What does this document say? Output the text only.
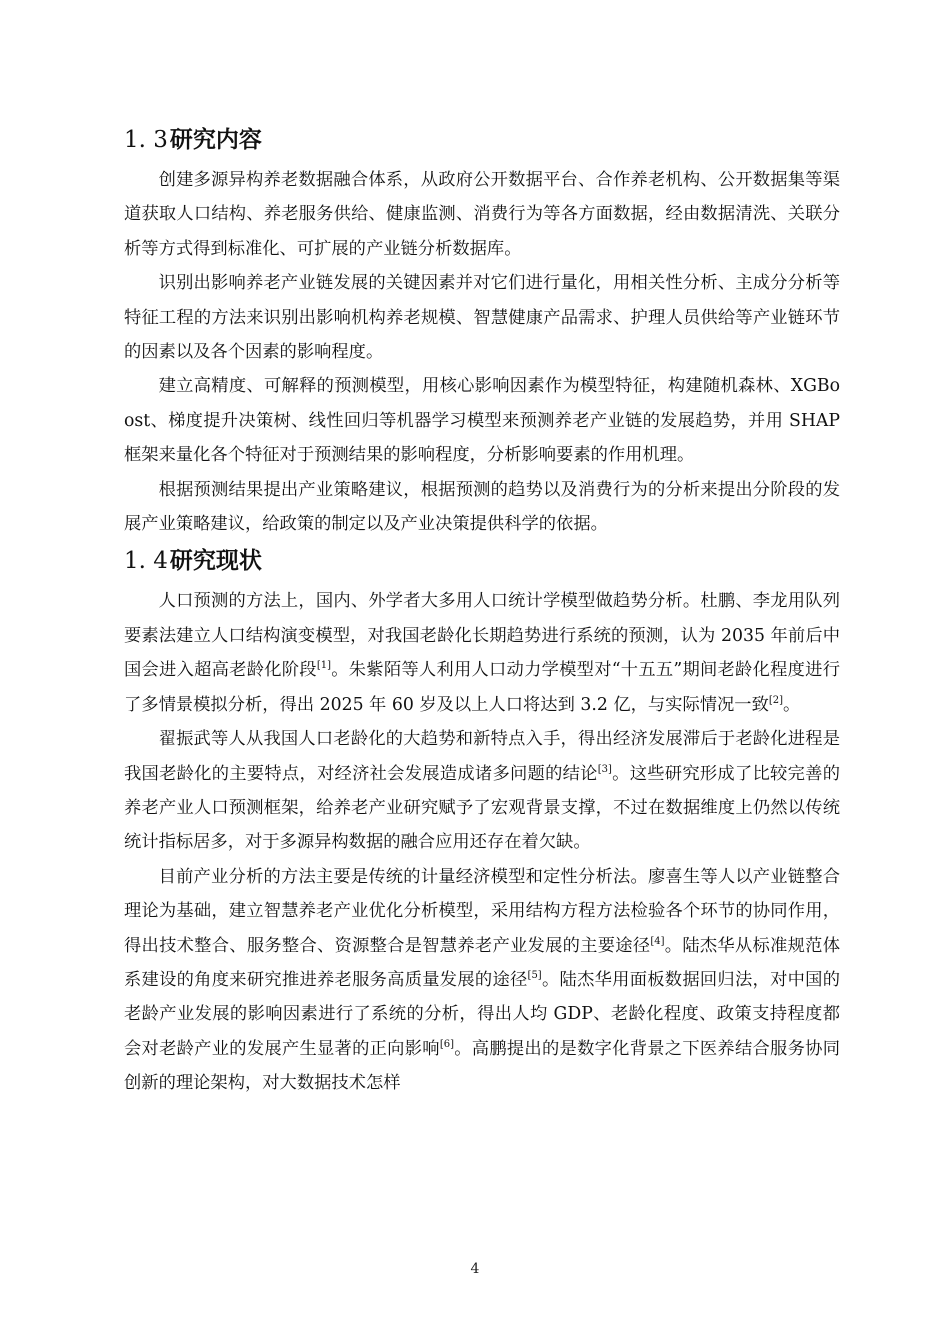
1. 3研究内容

创建多源异构养老数据融合体系，从政府公开数据平台、合作养老机构、公开数据集等渠道获取人口结构、养老服务供给、健康监测、消费行为等各方面数据，经由数据清洗、关联分析等方式得到标准化、可扩展的产业链分析数据库。

识别出影响养老产业链发展的关键因素并对它们进行量化，用相关性分析、主成分分析等特征工程的方法来识别出影响机构养老规模、智慧健康产品需求、护理人员供给等产业链环节的因素以及各个因素的影响程度。

建立高精度、可解释的预测模型，用核心影响因素作为模型特征，构建随机森林、XGBoost、梯度提升决策树、线性回归等机器学习模型来预测养老产业链的发展趋势，并用 SHAP 框架来量化各个特征对于预测结果的影响程度，分析影响要素的作用机理。

根据预测结果提出产业策略建议，根据预测的趋势以及消费行为的分析来提出分阶段的发展产业策略建议，给政策的制定以及产业决策提供科学的依据。

1. 4研究现状

人口预测的方法上，国内、外学者大多用人口统计学模型做趋势分析。杜鹏、李龙用队列要素法建立人口结构演变模型，对我国老龄化长期趋势进行系统的预测，认为 2035 年前后中国会进入超高老龄化阶段[1]。朱紫陌等人利用人口动力学模型对“十五五”期间老龄化程度进行了多情景模拟分析，得出 2025 年 60 岁及以上人口将达到 3.2 亿，与实际情况一致[2]。

翟振武等人从我国人口老龄化的大趋势和新特点入手，得出经济发展滞后于老龄化进程是我国老龄化的主要特点，对经济社会发展造成诸多问题的结论[3]。这些研究形成了比较完善的养老产业人口预测框架，给养老产业研究赋予了宏观背景支撑，不过在数据维度上仍然以传统统计指标居多，对于多源异构数据的融合应用还存在着欠缺。

目前产业分析的方法主要是传统的计量经济模型和定性分析法。廖喜生等人以产业链整合理论为基础，建立智慧养老产业优化分析模型，采用结构方程方法检验各个环节的协同作用，得出技术整合、服务整合、资源整合是智慧养老产业发展的主要途径[4]。陆杰华从标准规范体系建设的角度来研究推进养老服务高质量发展的途径[5]。陆杰华用面板数据回归法，对中国的老龄产业发展的影响因素进行了系统的分析，得出人均 GDP、老龄化程度、政策支持程度都会对老龄产业的发展产生显著的正向影响[6]。高鹏提出的是数字化背景之下医养结合服务协同创新的理论架构，对大数据技术怎样

4
